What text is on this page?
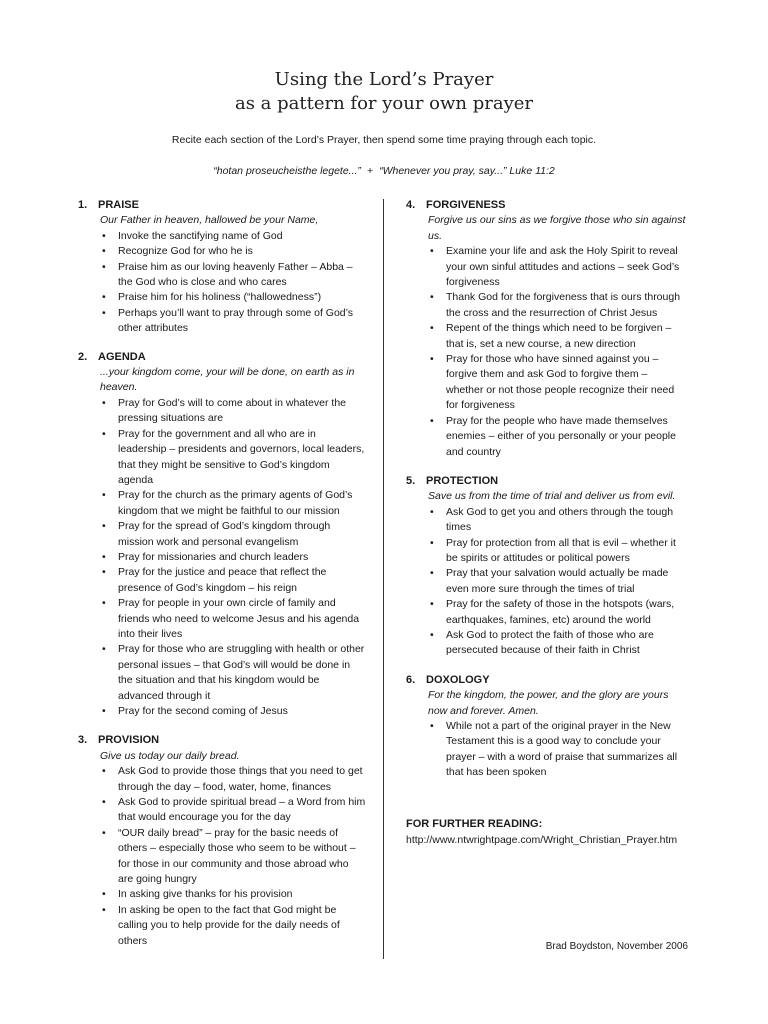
Using the Lord’s Prayer
as a pattern for your own prayer

Recite each section of the Lord’s Prayer, then spend some time praying through each topic.

“hotan proseucheisthe legete...” + “Whenever you pray, say...” Luke 11:2

1. PRAISE

Our Father in heaven, hallowed be your Name,

• Invoke the sanctifying name of God
• Recognize God for who he is
• Praise him as our loving heavenly Father – Abba – the God who is close and who cares
• Praise him for his holiness (“hallowedness”)
• Perhaps you’ll want to pray through some of God’s other attributes

2. AGENDA

...your kingdom come, your will be done, on earth as in heaven.

• Pray for God’s will to come about in whatever the pressing situations are
• Pray for the government and all who are in leadership – presidents and governors, local leaders, that they might be sensitive to God’s kingdom agenda
• Pray for the church as the primary agents of God’s kingdom that we might be faithful to our mission
• Pray for the spread of God’s kingdom through mission work and personal evangelism
• Pray for missionaries and church leaders
• Pray for the justice and peace that reflect the presence of God’s kingdom – his reign
• Pray for people in your own circle of family and friends who need to welcome Jesus and his agenda into their lives
• Pray for those who are struggling with health or other personal issues – that God’s will would be done in the situation and that his kingdom would be advanced through it
• Pray for the second coming of Jesus

3. PROVISION

Give us today our daily bread.

• Ask God to provide those things that you need to get through the day – food, water, home, finances
• Ask God to provide spiritual bread – a Word from him that would encourage you for the day
• “OUR daily bread” – pray for the basic needs of others – especially those who seem to be without – for those in our community and those abroad who are going hungry
• In asking give thanks for his provision
• In asking be open to the fact that God might be calling you to help provide for the daily needs of others

4. FORGIVENESS

Forgive us our sins as we forgive those who sin against us.

• Examine your life and ask the Holy Spirit to reveal your own sinful attitudes and actions – seek God’s forgiveness
• Thank God for the forgiveness that is ours through the cross and the resurrection of Christ Jesus
• Repent of the things which need to be forgiven – that is, set a new course, a new direction
• Pray for those who have sinned against you – forgive them and ask God to forgive them – whether or not those people recognize their need for forgiveness
• Pray for the people who have made themselves enemies – either of you personally or your people and country

5. PROTECTION

Save us from the time of trial and deliver us from evil.

• Ask God to get you and others through the tough times
• Pray for protection from all that is evil – whether it be spirits or attitudes or political powers
• Pray that your salvation would actually be made even more sure through the times of trial
• Pray for the safety of those in the hotspots (wars, earthquakes, famines, etc) around the world
• Ask God to protect the faith of those who are persecuted because of their faith in Christ

6. DOXOLOGY

For the kingdom, the power, and the glory are yours now and forever. Amen.

• While not a part of the original prayer in the New Testament this is a good way to conclude your prayer – with a word of praise that summarizes all that has been spoken

FOR FURTHER READING:

http://www.ntwrightpage.com/Wright_Christian_Prayer.htm

Brad Boydston, November 2006
